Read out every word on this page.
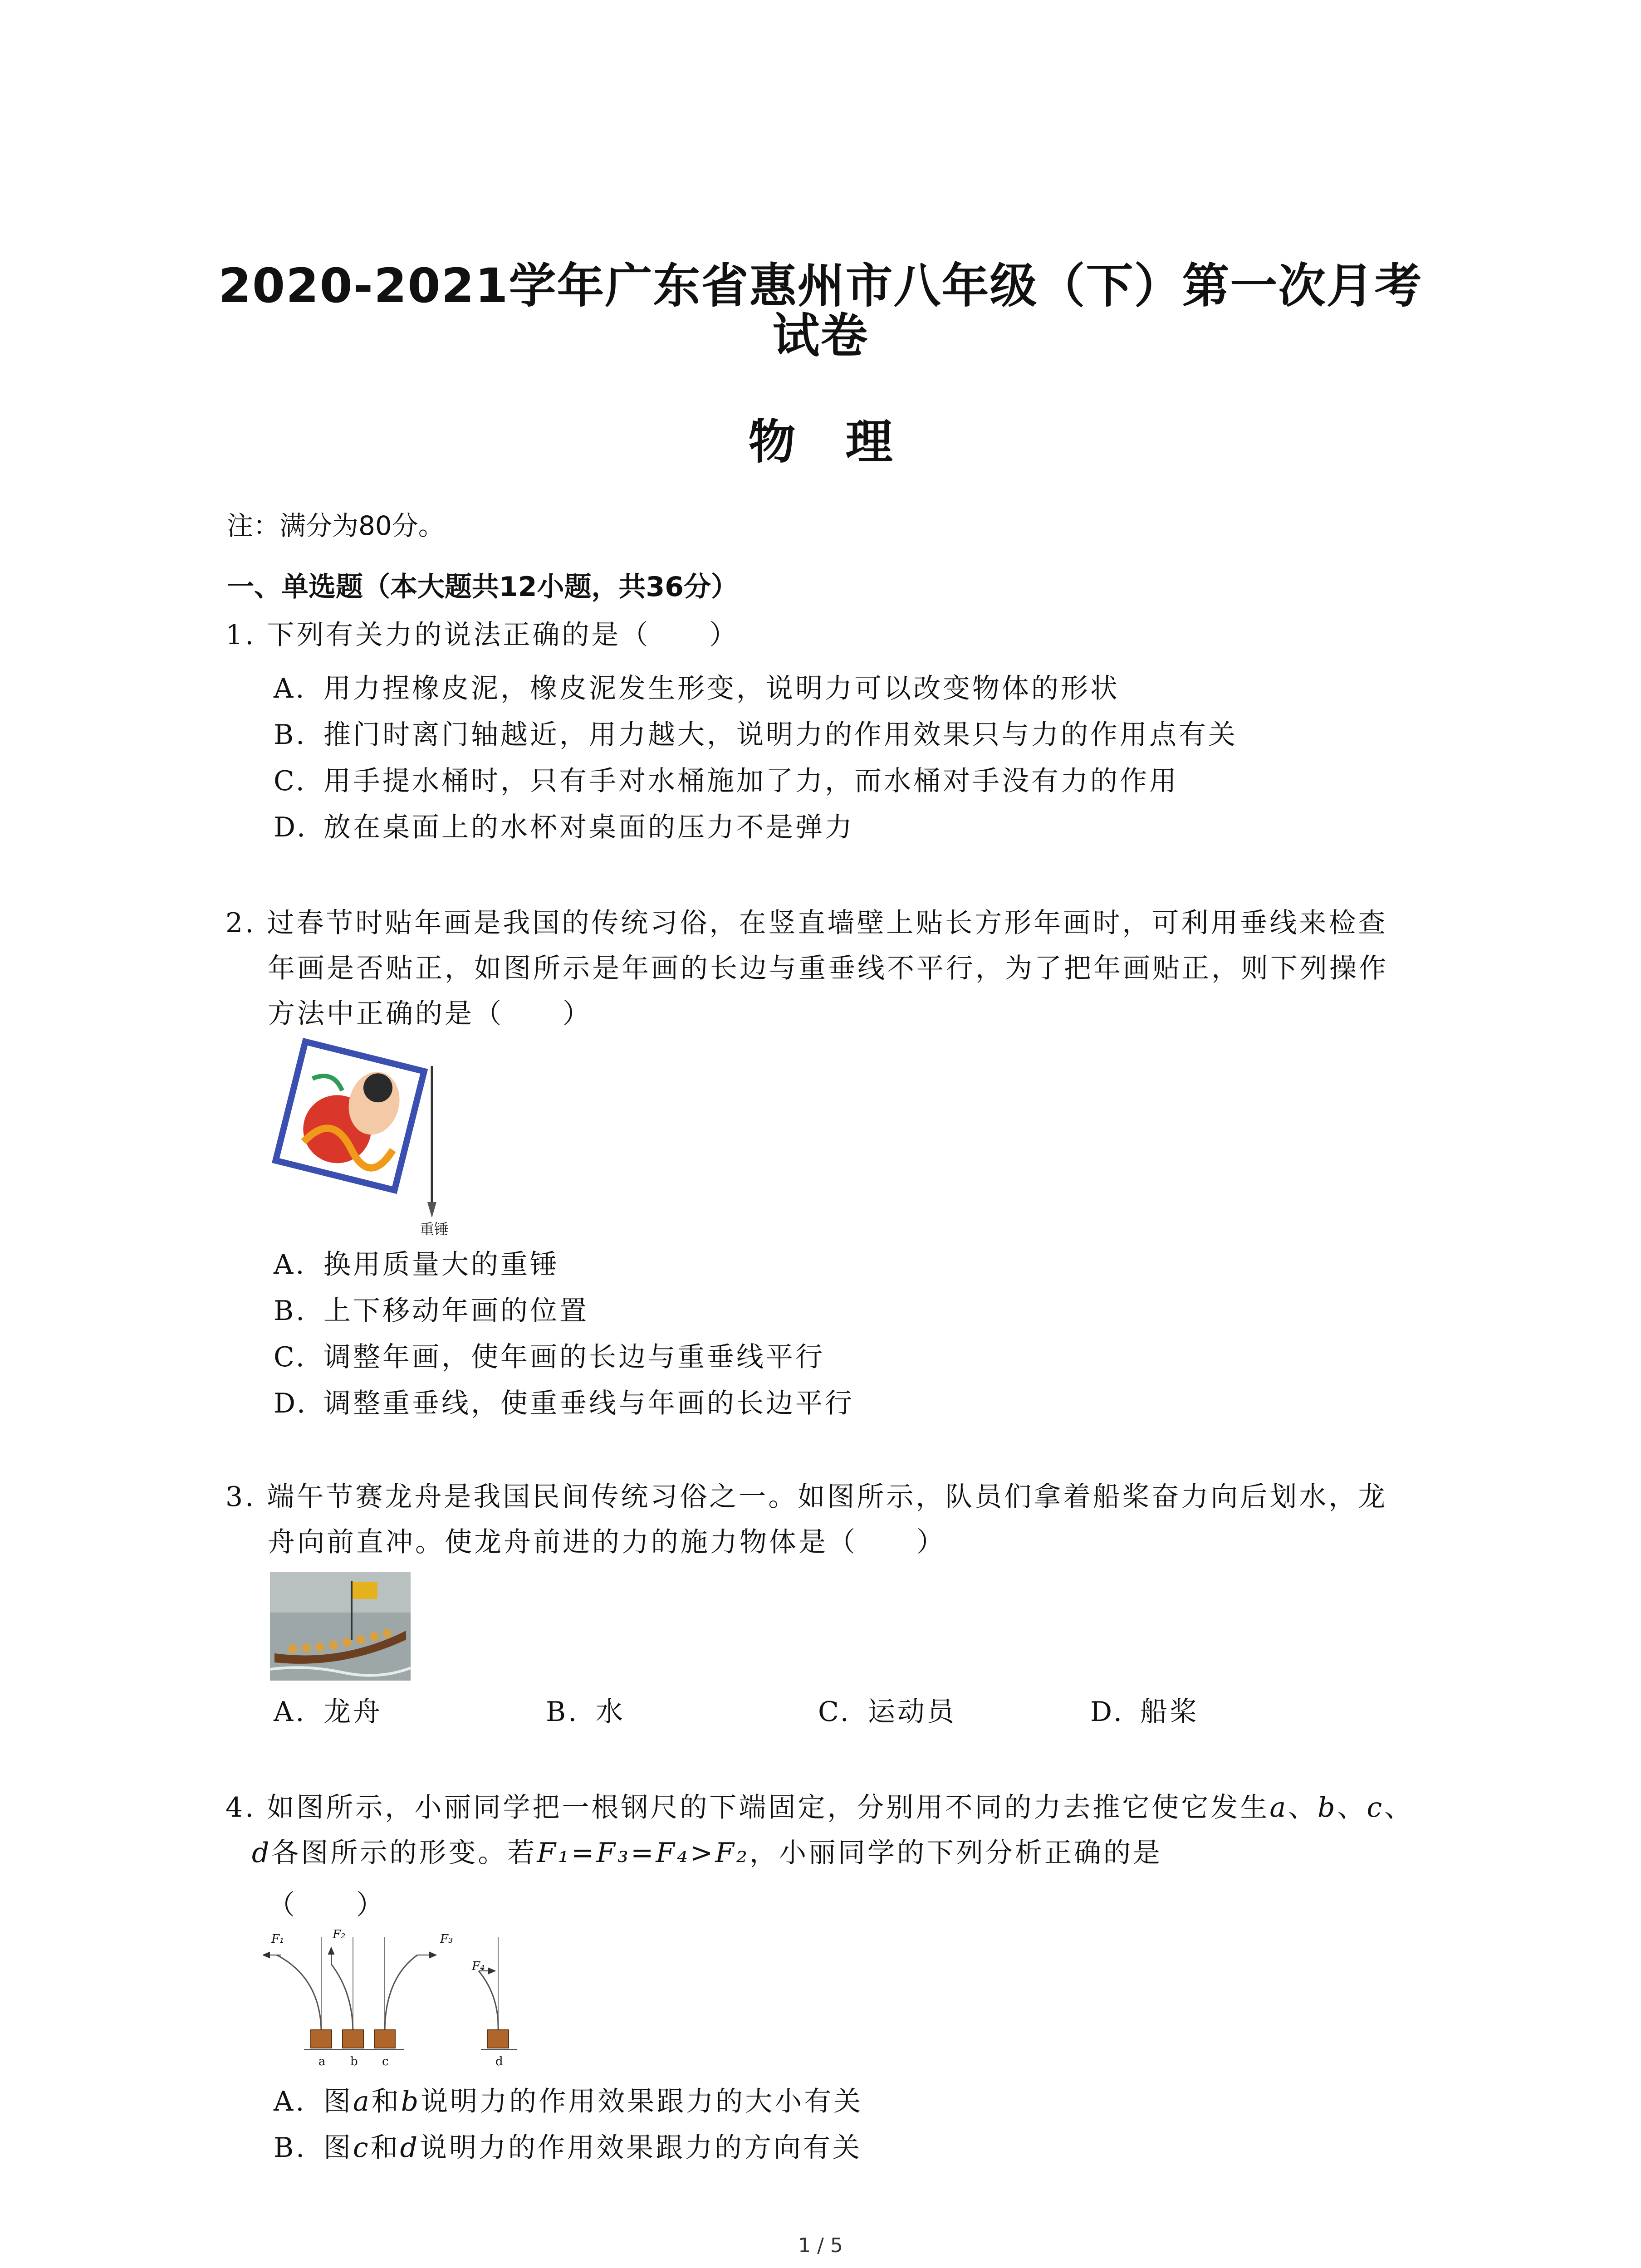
2020-2021学年广东省惠州市八年级（下）第一次月考
试卷
物理
注：满分为80分。
一、单选题（本大题共12小题，共36分）
1. 下列有关力的说法正确的是（　　）
A. 用力捏橡皮泥，橡皮泥发生形变，说明力可以改变物体的形状
B. 推门时离门轴越近，用力越大，说明力的作用效果只与力的作用点有关
C. 用手提水桶时，只有手对水桶施加了力，而水桶对手没有力的作用
D. 放在桌面上的水杯对桌面的压力不是弹力
2. 过春节时贴年画是我国的传统习俗，在竖直墙壁上贴长方形年画时，可利用垂线来检查
年画是否贴正，如图所示是年画的长边与重垂线不平行，为了把年画贴正，则下列操作
方法中正确的是（　　）
重锤
A. 换用质量大的重锤
B. 上下移动年画的位置
C. 调整年画，使年画的长边与重垂线平行
D. 调整重垂线，使重垂线与年画的长边平行
3. 端午节赛龙舟是我国民间传统习俗之一。如图所示，队员们拿着船桨奋力向后划水，龙
舟向前直冲。使龙舟前进的力的施力物体是（　　）
A. 龙舟	B. 水	C. 运动员	D. 船桨
4. 如图所示，小丽同学把一根钢尺的下端固定，分别用不同的力去推它使它发生a、b、c、
d各图所示的形变。若F₁=F₃=F₄>F₂，小丽同学的下列分析正确的是
（　　）
F₁	F₂	F₃
F₄
a b c	d
A. 图a和b说明力的作用效果跟力的大小有关
B. 图c和d说明力的作用效果跟力的方向有关
1 / 5
